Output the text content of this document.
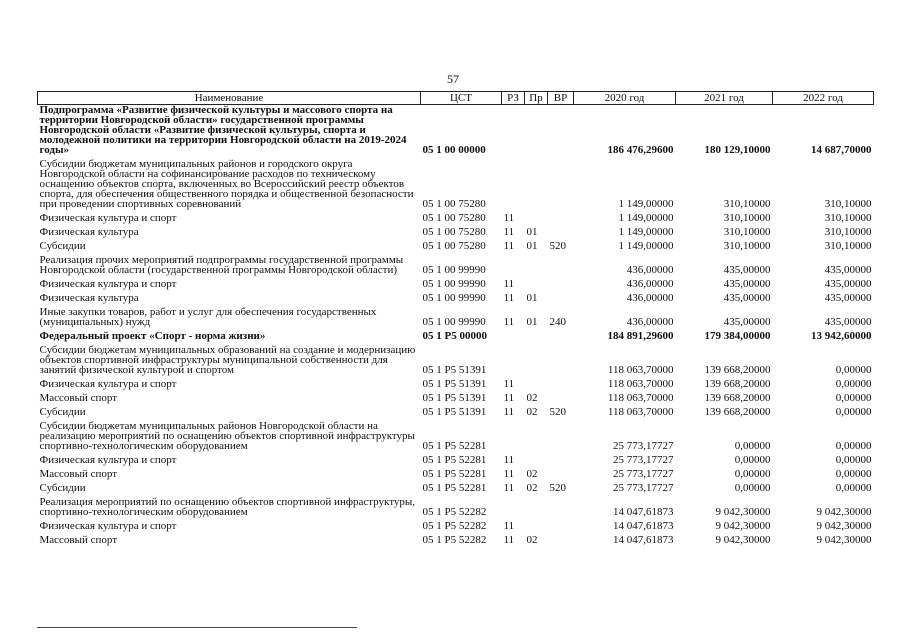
57
Наименование	ЦСТ	РЗ	Пр	ВР	2020 год	2021 год	2022 год
Подпрограмма «Развитие физической культуры и массового спорта на территории Новгородской области» государственной программы Новгородской области «Развитие физической культуры, спорта и молодежной политики на территории Новгородской области на 2019-2024 годы»	05 1 00 00000				186 476,29600	180 129,10000	14 687,70000
Субсидии бюджетам муниципальных районов и городского округа Новгородской области на софинансирование расходов по техническому оснащению объектов спорта, включенных во Всероссийский реестр объектов спорта, для обеспечения общественного порядка и общественной безопасности при проведении спортивных соревнований	05 1 00 75280				1 149,00000	310,10000	310,10000
Физическая культура и спорт	05 1 00 75280	11			1 149,00000	310,10000	310,10000
Физическая культура	05 1 00 75280	11	01		1 149,00000	310,10000	310,10000
Субсидии	05 1 00 75280	11	01	520	1 149,00000	310,10000	310,10000
Реализация прочих мероприятий подпрограммы государственной программы Новгородской области (государственной программы Новгородской области)	05 1 00 99990				436,00000	435,00000	435,00000
Физическая культура и спорт	05 1 00 99990	11			436,00000	435,00000	435,00000
Физическая культура	05 1 00 99990	11	01		436,00000	435,00000	435,00000
Иные закупки товаров, работ и услуг для обеспечения государственных (муниципальных) нужд	05 1 00 99990	11	01	240	436,00000	435,00000	435,00000
Федеральный проект «Спорт - норма жизни»	05 1 P5 00000				184 891,29600	179 384,00000	13 942,60000
Субсидии бюджетам муниципальных образований на создание и модернизацию объектов спортивной инфраструктуры муниципальной собственности для занятий физической культурой и спортом	05 1 P5 51391				118 063,70000	139 668,20000	0,00000
Физическая культура и спорт	05 1 P5 51391	11			118 063,70000	139 668,20000	0,00000
Массовый спорт	05 1 P5 51391	11	02		118 063,70000	139 668,20000	0,00000
Субсидии	05 1 P5 51391	11	02	520	118 063,70000	139 668,20000	0,00000
Субсидии бюджетам муниципальных районов Новгородской области на реализацию мероприятий по оснащению объектов спортивной инфраструктуры спортивно-технологическим оборудованием	05 1 P5 52281				25 773,17727	0,00000	0,00000
Физическая культура и спорт	05 1 P5 52281	11			25 773,17727	0,00000	0,00000
Массовый спорт	05 1 P5 52281	11	02		25 773,17727	0,00000	0,00000
Субсидии	05 1 P5 52281	11	02	520	25 773,17727	0,00000	0,00000
Реализация мероприятий по оснащению объектов спортивной инфраструктуры, спортивно-технологическим оборудованием	05 1 P5 52282				14 047,61873	9 042,30000	9 042,30000
Физическая культура и спорт	05 1 P5 52282	11			14 047,61873	9 042,30000	9 042,30000
Массовый спорт	05 1 P5 52282	11	02		14 047,61873	9 042,30000	9 042,30000
